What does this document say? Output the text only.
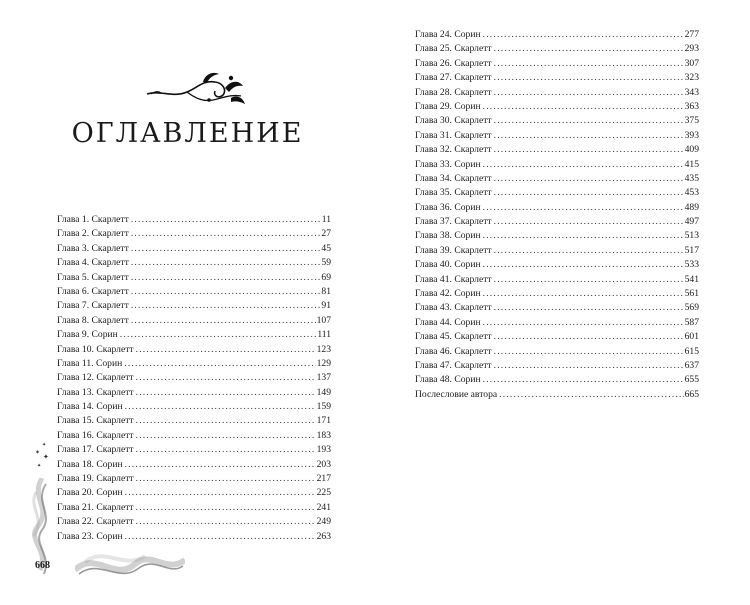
ОГЛАВЛЕНИЕ
Глава 1. Скарлетт .....	11
Глава 2. Скарлетт .....	27
Глава 3. Скарлетт .....	45
Глава 4. Скарлетт .....	59
Глава 5. Скарлетт .....	69
Глава 6. Скарлетт .....	81
Глава 7. Скарлетт .....	91
Глава 8. Скарлетт .....	107
Глава 9. Сорин .....	111
Глава 10. Скарлетт .....	123
Глава 11. Сорин .....	129
Глава 12. Скарлетт .....	137
Глава 13. Скарлетт .....	149
Глава 14. Сорин .....	159
Глава 15. Скарлетт .....	171
Глава 16. Скарлетт .....	183
Глава 17. Скарлетт .....	193
Глава 18. Сорин .....	203
Глава 19. Скарлетт .....	217
Глава 20. Сорин .....	225
Глава 21. Скарлетт .....	241
Глава 22. Скарлетт .....	249
Глава 23. Сорин .....	263
✦
✶ ✦
✦
668
Глава 24. Сорин .....	277
Глава 25. Скарлетт .....	293
Глава 26. Скарлетт .....	307
Глава 27. Скарлетт .....	323
Глава 28. Скарлетт .....	343
Глава 29. Сорин .....	363
Глава 30. Скарлетт .....	375
Глава 31. Скарлетт .....	393
Глава 32. Скарлетт .....	409
Глава 33. Сорин .....	415
Глава 34. Скарлетт .....	435
Глава 35. Скарлетт .....	453
Глава 36. Сорин .....	489
Глава 37. Скарлетт .....	497
Глава 38. Сорин .....	513
Глава 39. Скарлетт .....	517
Глава 40. Сорин .....	533
Глава 41. Скарлетт .....	541
Глава 42. Сорин .....	561
Глава 43. Скарлетт .....	569
Глава 44. Сорин .....	587
Глава 45. Скарлетт .....	601
Глава 46. Скарлетт .....	615
Глава 47. Скарлетт .....	637
Глава 48. Сорин .....	655
Послесловие автора .....	665
